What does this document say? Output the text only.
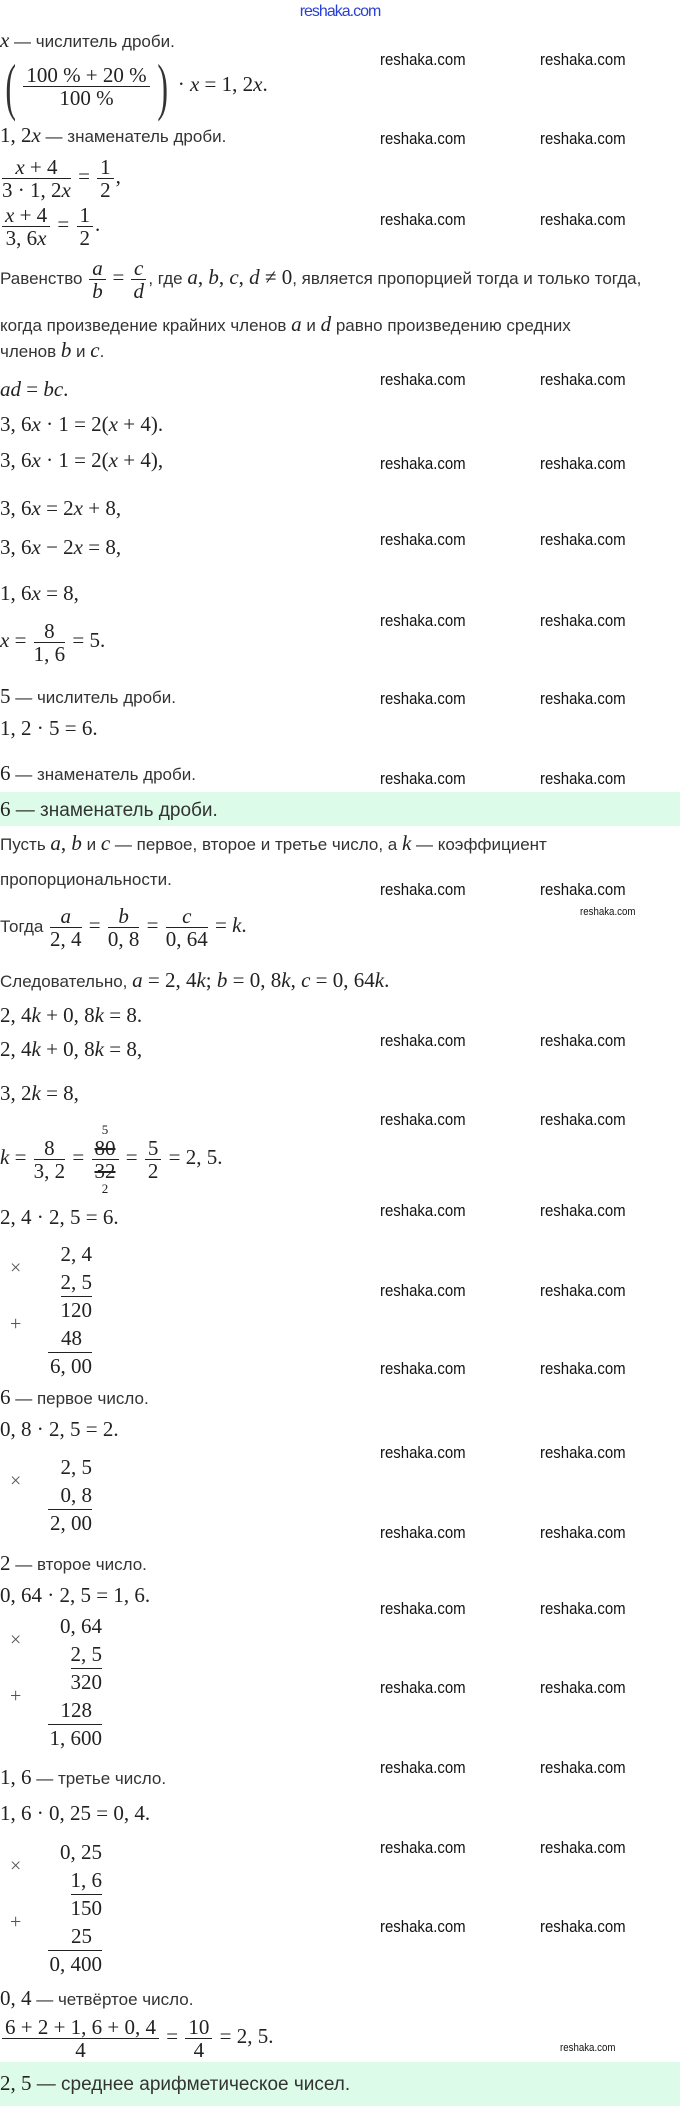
reshaka.com
x — числитель дроби.
( $\frac{100 \% + 20 \%}{100 \%}$ ) · x = 1, 2x.
1, 2x — знаменатель дроби.
$\frac{x + 4}{3 \cdot 1, 2x} = \frac{1}{2}$ ,
$\frac{x + 4}{3, 6x} = \frac{1}{2}$ .
Равенство $\frac{a}{b} = \frac{c}{d}$ , где a, b, c, d ≠ 0, является пропорцией тогда и только тогда,
когда произведение крайних членов a и d равно произведению средних
членов b и c.
ad = bc.
3, 6x · 1 = 2(x + 4).
3, 6x · 1 = 2(x + 4),
3, 6x = 2x + 8,
3, 6x − 2x = 8,
1, 6x = 8,
$x = \frac{8}{1, 6} = 5$.
5 — числитель дроби.
1, 2 · 5 = 6.
6 — знаменатель дроби.
6 — знаменатель дроби.
Пусть a, b и c — первое, второе и третье число, а k — коэффициент
пропорциональности.
Тогда $\frac{a}{2, 4} = \frac{b}{0, 8} = \frac{c}{0, 64} = k$.
Следовательно, a = 2, 4k; b = 0, 8k, c = 0, 64k.
2, 4k + 0, 8k = 8.
2, 4k + 0, 8k = 8,
3, 2k = 8,
$k = \frac{8}{3, 2} = 80$
32
5
2
= $\frac{5}{2} = 2$, 5.
2, 4 · 2, 5 = 6.
×
2, 4
2, 5
120
+
48
6, 00
6 — первое число.
0, 8 · 2, 5 = 2.
×
2, 5
0, 8
2, 00
2 — второе число.
0, 64 · 2, 5 = 1, 6.
×
0, 64
2, 5
320
+
128
1, 600
1, 6 — третье число.
1, 6 · 0, 25 = 0, 4.
×
0, 25
1, 6
150
+
25
0, 400
0, 4 — четвёртое число.
$\frac{6 + 2 + 1, 6 + 0, 4}{4} = \frac{10}{4} = 2$, 5.
2, 5 — среднее арифметическое чисел.
reshaka.com	reshaka.com
reshaka.com	reshaka.com
reshaka.com	reshaka.com
reshaka.com	reshaka.com
reshaka.com	reshaka.com
reshaka.com	reshaka.com
reshaka.com	reshaka.com
reshaka.com	reshaka.com
reshaka.com	reshaka.com
reshaka.com	reshaka.com
reshaka.com	reshaka.com
reshaka.com	reshaka.com
reshaka.com	reshaka.com
reshaka.com	reshaka.com
reshaka.com	reshaka.com
reshaka.com	reshaka.com
reshaka.com	reshaka.com
reshaka.com	reshaka.com
reshaka.com	reshaka.com
reshaka.com	reshaka.com
reshaka.com	reshaka.com
reshaka.com	reshaka.com
reshaka.com
reshaka.com
